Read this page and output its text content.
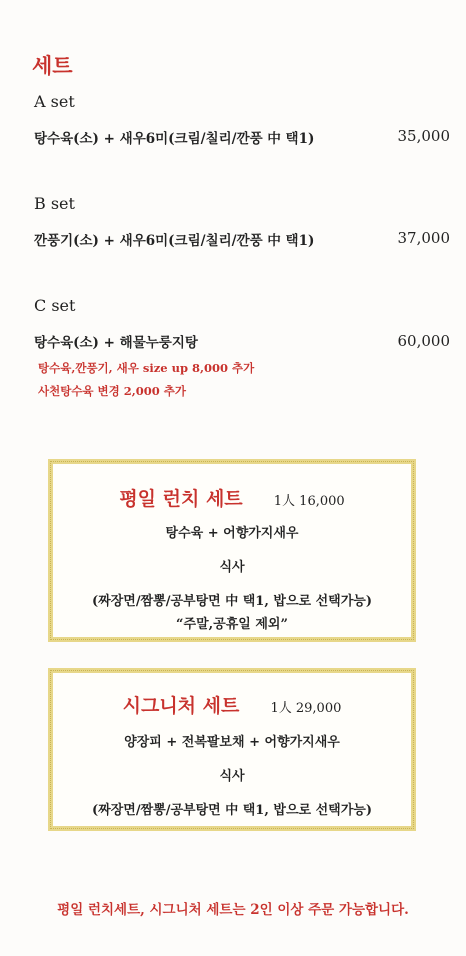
세트
A set
탕수육(소) + 새우6미(크림/칠리/깐풍 中 택1)	35,000
B set
깐풍기(소) + 새우6미(크림/칠리/깐풍 中 택1)	37,000
C set
탕수육(소) + 해물누룽지탕	60,000
탕수육,깐풍기, 새우 size up 8,000 추가
사천탕수육 변경 2,000 추가
평일 런치 세트 1人 16,000
탕수육 + 어향가지새우
식사
(짜장면/짬뽕/공부탕면 中 택1, 밥으로 선택가능)
“주말,공휴일 제외”
시그니처 세트 1人 29,000
양장피 + 전복팔보채 + 어향가지새우
식사
(짜장면/짬뽕/공부탕면 中 택1, 밥으로 선택가능)
평일 런치세트, 시그니처 세트는 2인 이상 주문 가능합니다.
